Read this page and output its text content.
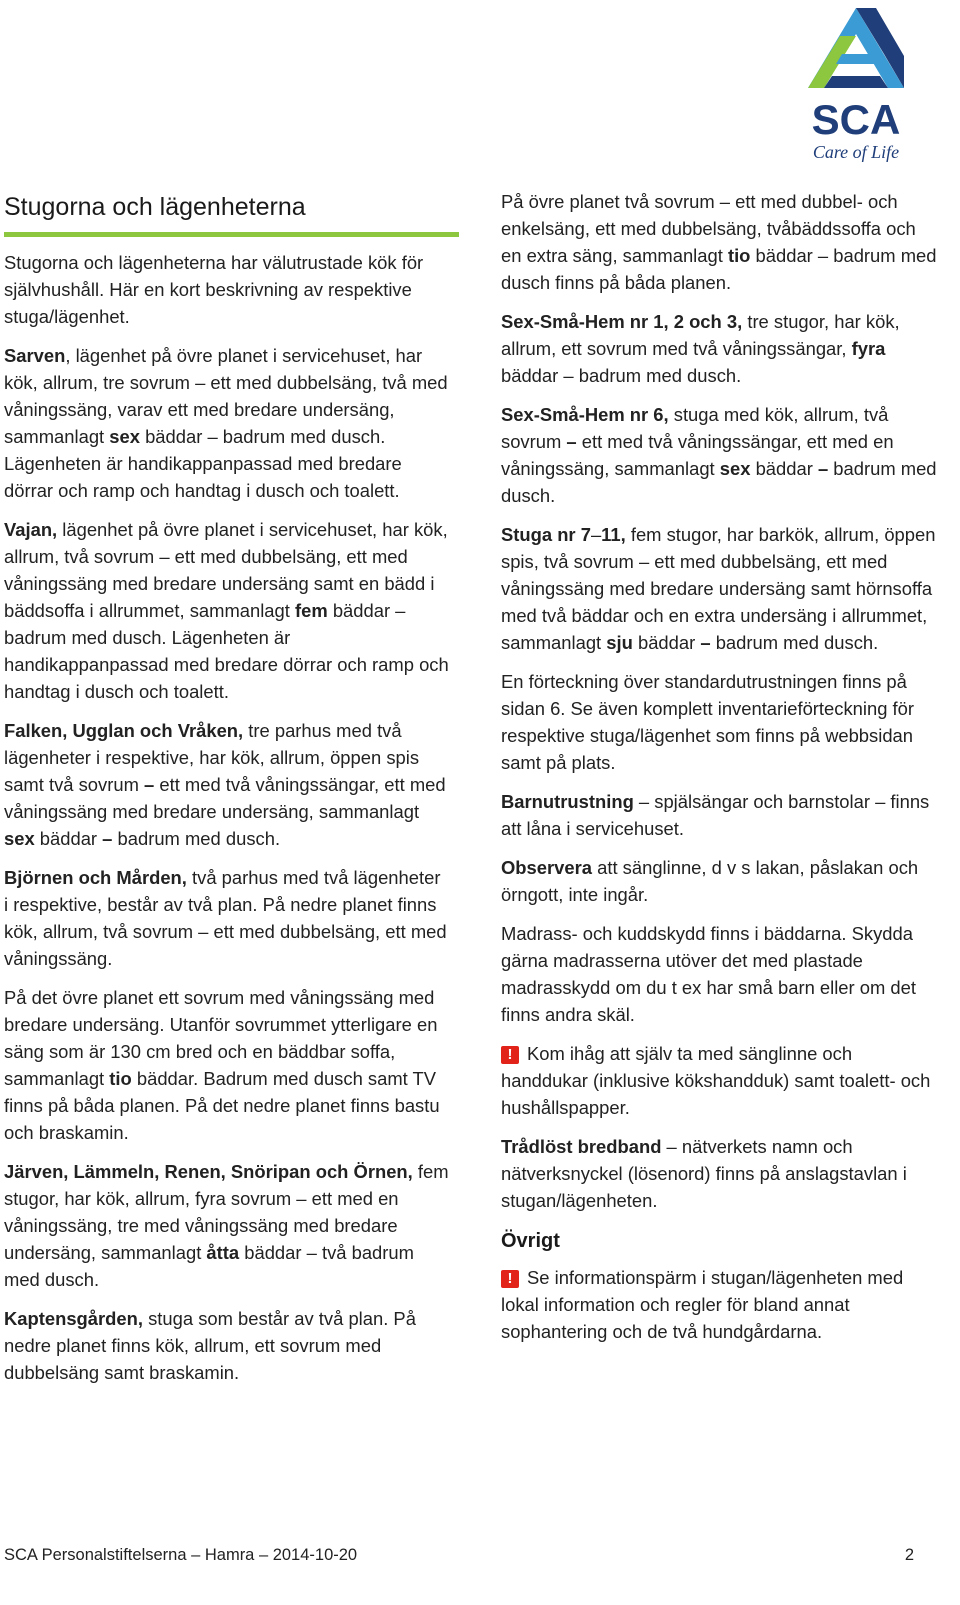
SCA
Care of Life
Stugorna och lägenheterna

Stugorna och lägenheterna har välutrustade kök för självhushåll. Här en kort beskrivning av respektive stuga/lägenhet.

Sarven, lägenhet på övre planet i servicehuset, har kök, allrum, tre sovrum – ett med dubbelsäng, två med våningssäng, varav ett med bredare undersäng, sammanlagt sex bäddar – badrum med dusch. Lägenheten är handikappanpassad med bredare dörrar och ramp och handtag i dusch och toalett.

Vajan, lägenhet på övre planet i servicehuset, har kök, allrum, två sovrum – ett med dubbelsäng, ett med våningssäng med bredare undersäng samt en bädd i bäddsoffa i allrummet, sammanlagt fem bäddar – badrum med dusch. Lägenheten är handikappanpassad med bredare dörrar och ramp och handtag i dusch och toalett.

Falken, Ugglan och Vråken, tre parhus med två lägenheter i respektive, har kök, allrum, öppen spis samt två sovrum – ett med två våningssängar, ett med våningssäng med bredare undersäng, sammanlagt sex bäddar – badrum med dusch.

Björnen och Mården, två parhus med två lägenheter i respektive, består av två plan. På nedre planet finns kök, allrum, två sovrum – ett med dubbelsäng, ett med våningssäng.

På det övre planet ett sovrum med våningssäng med bredare undersäng. Utanför sovrummet ytterligare en säng som är 130 cm bred och en bäddbar soffa, sammanlagt tio bäddar. Badrum med dusch samt TV finns på båda planen. På det nedre planet finns bastu och braskamin.

Järven, Lämmeln, Renen, Snöripan och Örnen, fem stugor, har kök, allrum, fyra sovrum – ett med en våningssäng, tre med våningssäng med bredare undersäng, sammanlagt åtta bäddar – två badrum med dusch.

Kaptensgården, stuga som består av två plan. På nedre planet finns kök, allrum, ett sovrum med dubbelsäng samt braskamin.

På övre planet två sovrum – ett med dubbel- och enkelsäng, ett med dubbelsäng, tvåbäddssoffa och en extra säng, sammanlagt tio bäddar – badrum med dusch finns på båda planen.

Sex-Små-Hem nr 1, 2 och 3, tre stugor, har kök, allrum, ett sovrum med två våningssängar, fyra bäddar – badrum med dusch.

Sex-Små-Hem nr 6, stuga med kök, allrum, två sovrum – ett med två våningssängar, ett med en våningssäng, sammanlagt sex bäddar – badrum med dusch.

Stuga nr 7–11, fem stugor, har barkök, allrum, öppen spis, två sovrum – ett med dubbelsäng, ett med våningssäng med bredare undersäng samt hörnsoffa med två bäddar och en extra undersäng i allrummet, sammanlagt sju bäddar – badrum med dusch.

En förteckning över standardutrustningen finns på sidan 6. Se även komplett inventarieförteckning för respektive stuga/lägenhet som finns på webbsidan samt på plats.

Barnutrustning – spjälsängar och barnstolar – finns att låna i servicehuset.

Observera att sänglinne, d v s lakan, påslakan och örngott, inte ingår.

Madrass- och kuddskydd finns i bäddarna. Skydda gärna madrasserna utöver det med plastade madrasskydd om du t ex har små barn eller om det finns andra skäl.

! Kom ihåg att själv ta med sänglinne och handdukar (inklusive kökshandduk) samt toalett- och hushållspapper.

Trådlöst bredband – nätverkets namn och nätverksnyckel (lösenord) finns på anslagstavlan i stugan/lägenheten.

Övrigt

! Se informationspärm i stugan/lägenheten med lokal information och regler för bland annat sophantering och de två hundgårdarna.

SCA Personalstiftelserna – Hamra – 2014-10-20	2
